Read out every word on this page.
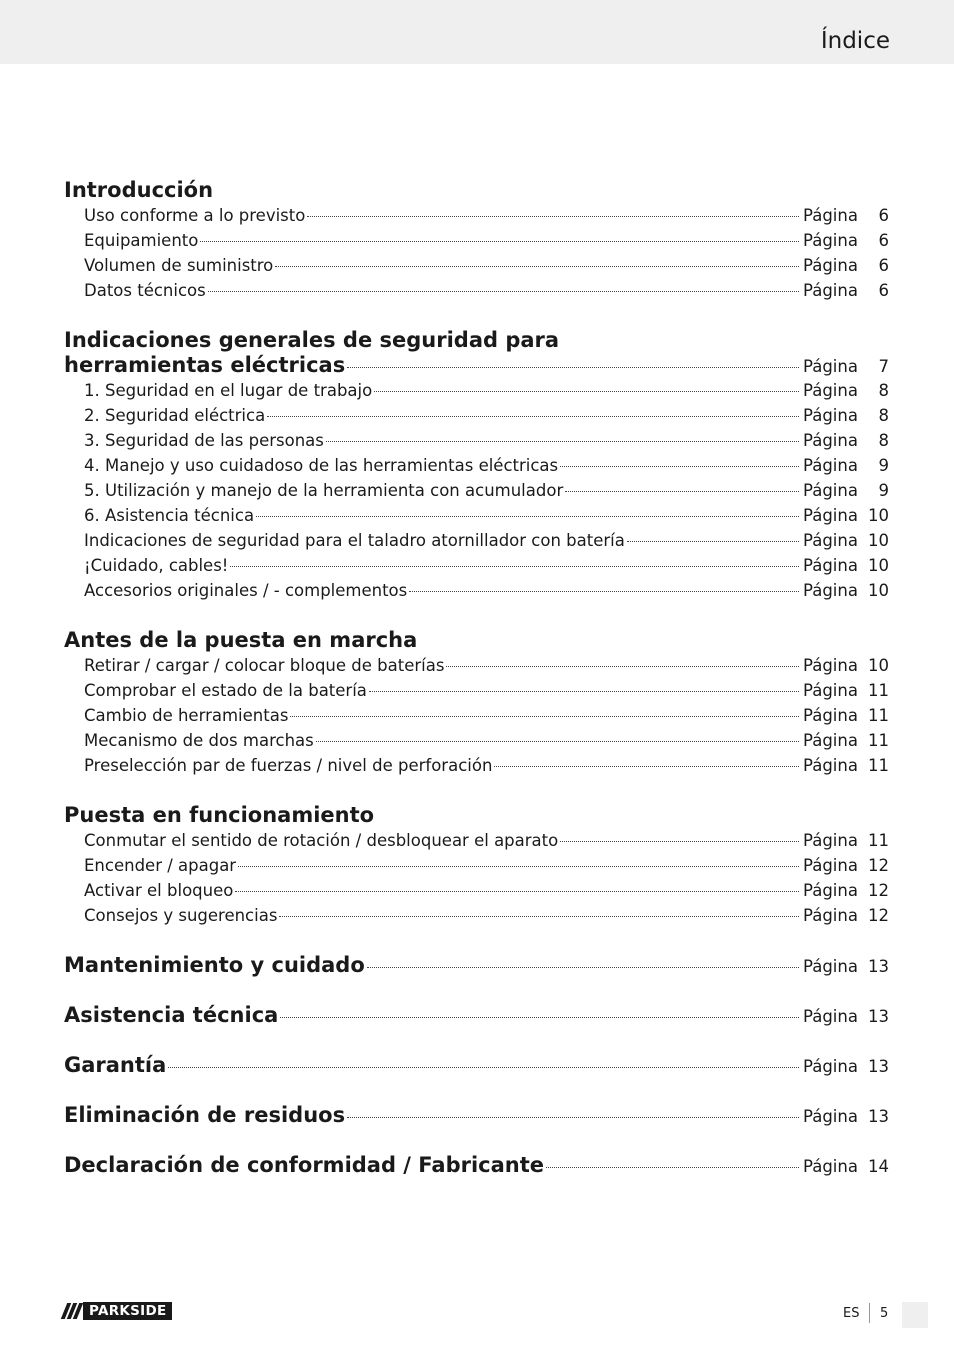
Índice
Introducción
Uso conforme a lo previsto	Página	6
Equipamiento	Página	6
Volumen de suministro	Página	6
Datos técnicos	Página	6
Indicaciones generales de seguridad para
herramientas eléctricas	Página	7
1. Seguridad en el lugar de trabajo	Página	8
2. Seguridad eléctrica	Página	8
3. Seguridad de las personas	Página	8
4. Manejo y uso cuidadoso de las herramientas eléctricas	Página	9
5. Utilización y manejo de la herramienta con acumulador	Página	9
6. Asistencia técnica	Página 10
Indicaciones de seguridad para el taladro atornillador con batería	Página 10
¡Cuidado, cables!	Página 10
Accesorios originales / - complementos	Página 10
Antes de la puesta en marcha
Retirar / cargar / colocar bloque de baterías	Página 10
Comprobar el estado de la batería	Página 11
Cambio de herramientas	Página 11
Mecanismo de dos marchas	Página 11
Preselección par de fuerzas / nivel de perforación	Página 11
Puesta en funcionamiento
Conmutar el sentido de rotación / desbloquear el aparato	Página 11
Encender / apagar	Página 12
Activar el bloqueo	Página 12
Consejos y sugerencias	Página 12
Mantenimiento y cuidado	Página 13
Asistencia técnica	Página 13
Garantía	Página 13
Eliminación de residuos	Página 13
Declaración de conformidad / Fabricante	Página 14
PARKSIDE	ES 5
